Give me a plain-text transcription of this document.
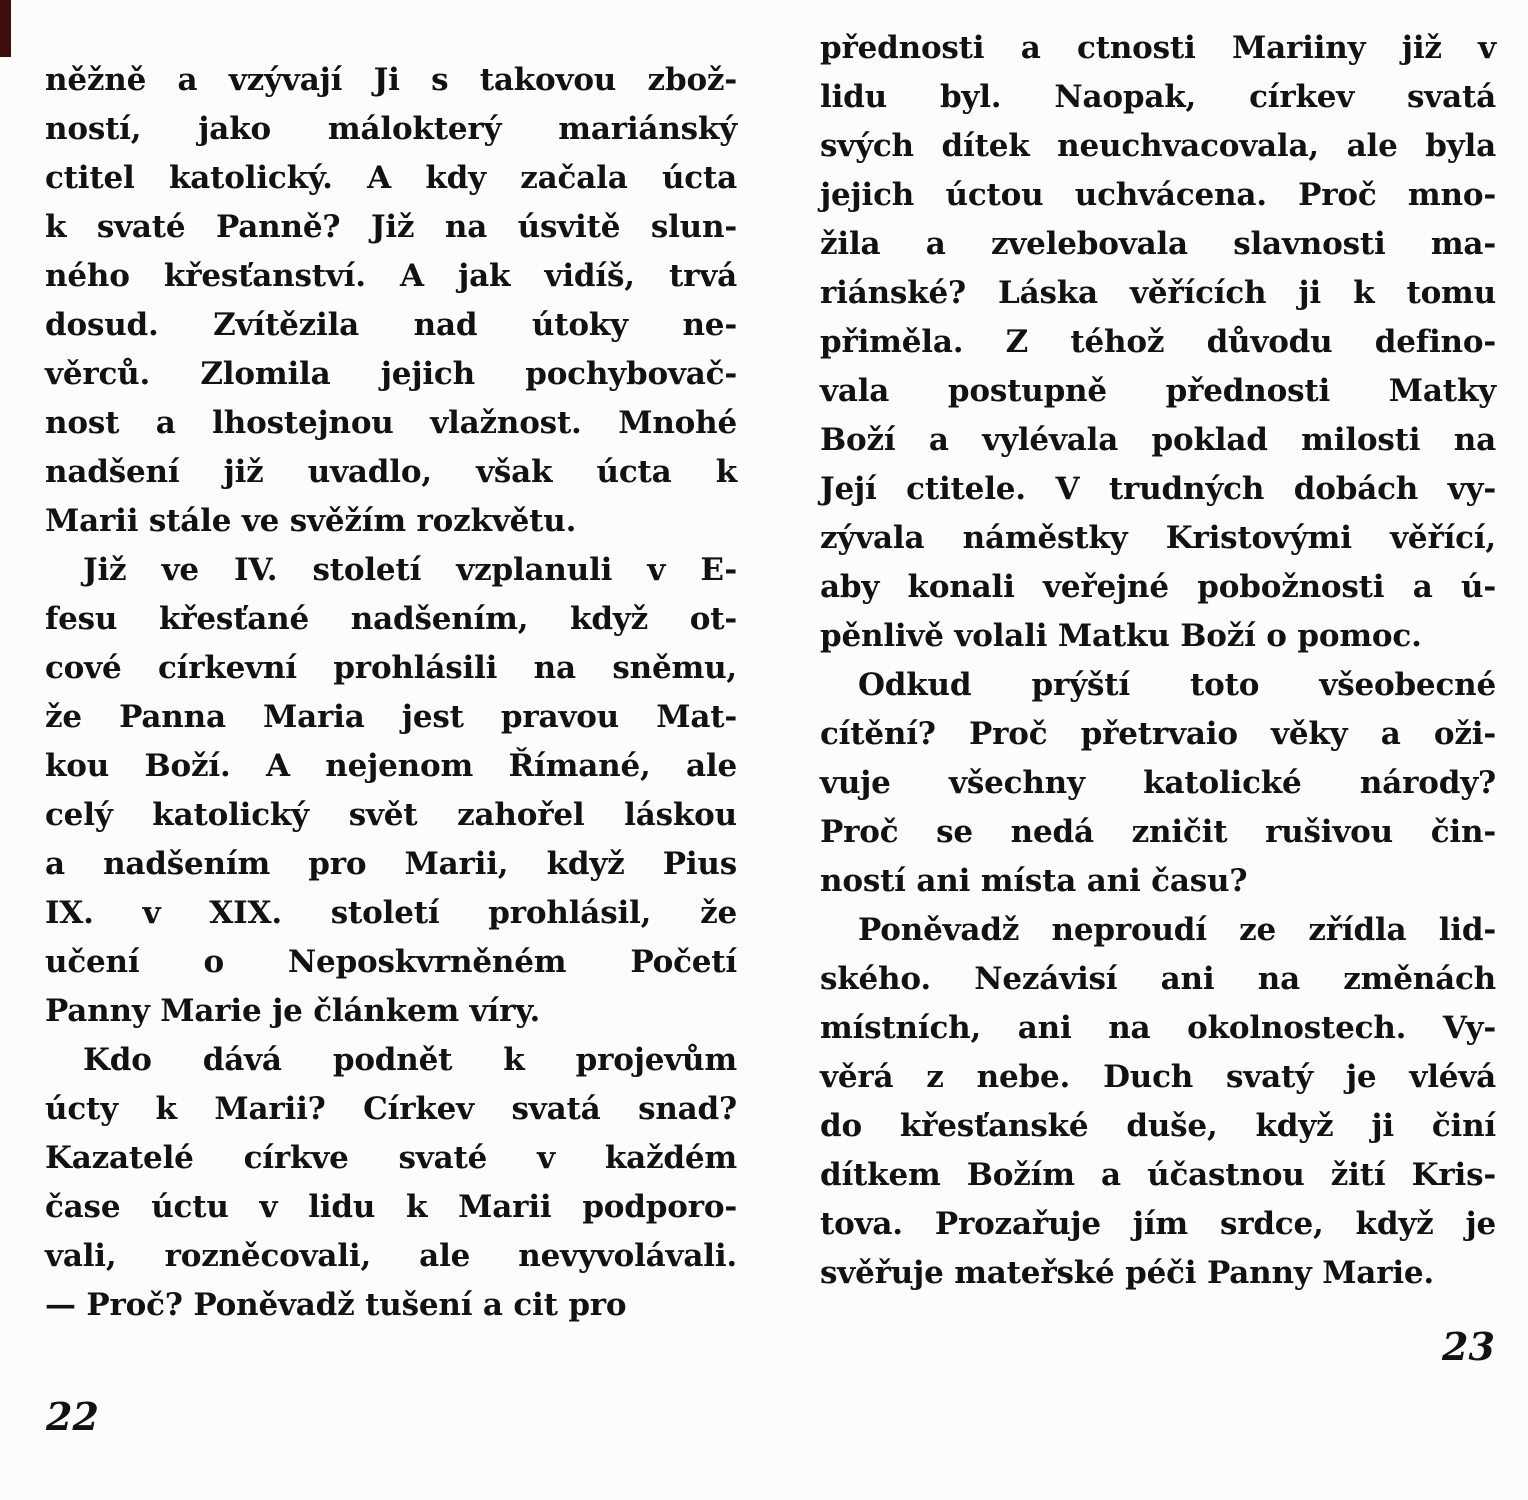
něžně a vzývají Ji s takovou zbož-
ností, jako málokterý mariánský
ctitel katolický. A kdy začala úcta
k svaté Panně? Již na úsvitě slun-
ného křesťanství. A jak vidíš, trvá
dosud. Zvítězila nad útoky ne-
věrců. Zlomila jejich pochybovač-
nost a lhostejnou vlažnost. Mnohé
nadšení již uvadlo, však úcta k
Marii stále ve svěžím rozkvětu.
Již ve IV. století vzplanuli v E-
fesu křesťané nadšením, když ot-
cové církevní prohlásili na sněmu,
že Panna Maria jest pravou Mat-
kou Boží. A nejenom Římané, ale
celý katolický svět zahořel láskou
a nadšením pro Marii, když Pius
IX. v XIX. století prohlásil, že
učení o Neposkvrněném Početí
Panny Marie je článkem víry.
Kdo dává podnět k projevům
úcty k Marii? Církev svatá snad?
Kazatelé církve svaté v každém
čase úctu v lidu k Marii podporo-
vali, rozněcovali, ale nevyvolávali.
— Proč? Poněvadž tušení a cit pro
přednosti a ctnosti Mariiny již v
lidu byl. Naopak, církev svatá
svých dítek neuchvacovala, ale byla
jejich úctou uchvácena. Proč mno-
žila a zvelebovala slavnosti ma-
riánské? Láska věřících ji k tomu
přiměla. Z téhož důvodu defino-
vala postupně přednosti Matky
Boží a vylévala poklad milosti na
Její ctitele. V trudných dobách vy-
zývala náměstky Kristovými věřící,
aby konali veřejné pobožnosti a ú-
pěnlivě volali Matku Boží o pomoc.
Odkud prýští toto všeobecné
cítění? Proč přetrvaio věky a oži-
vuje všechny katolické národy?
Proč se nedá zničit rušivou čin-
ností ani místa ani času?
Poněvadž neproudí ze zřídla lid-
ského. Nezávisí ani na změnách
místních, ani na okolnostech. Vy-
věrá z nebe. Duch svatý je vlévá
do křesťanské duše, když ji činí
dítkem Božím a účastnou žití Kris-
tova. Prozařuje jím srdce, když je
svěřuje mateřské péči Panny Marie.
22
23
